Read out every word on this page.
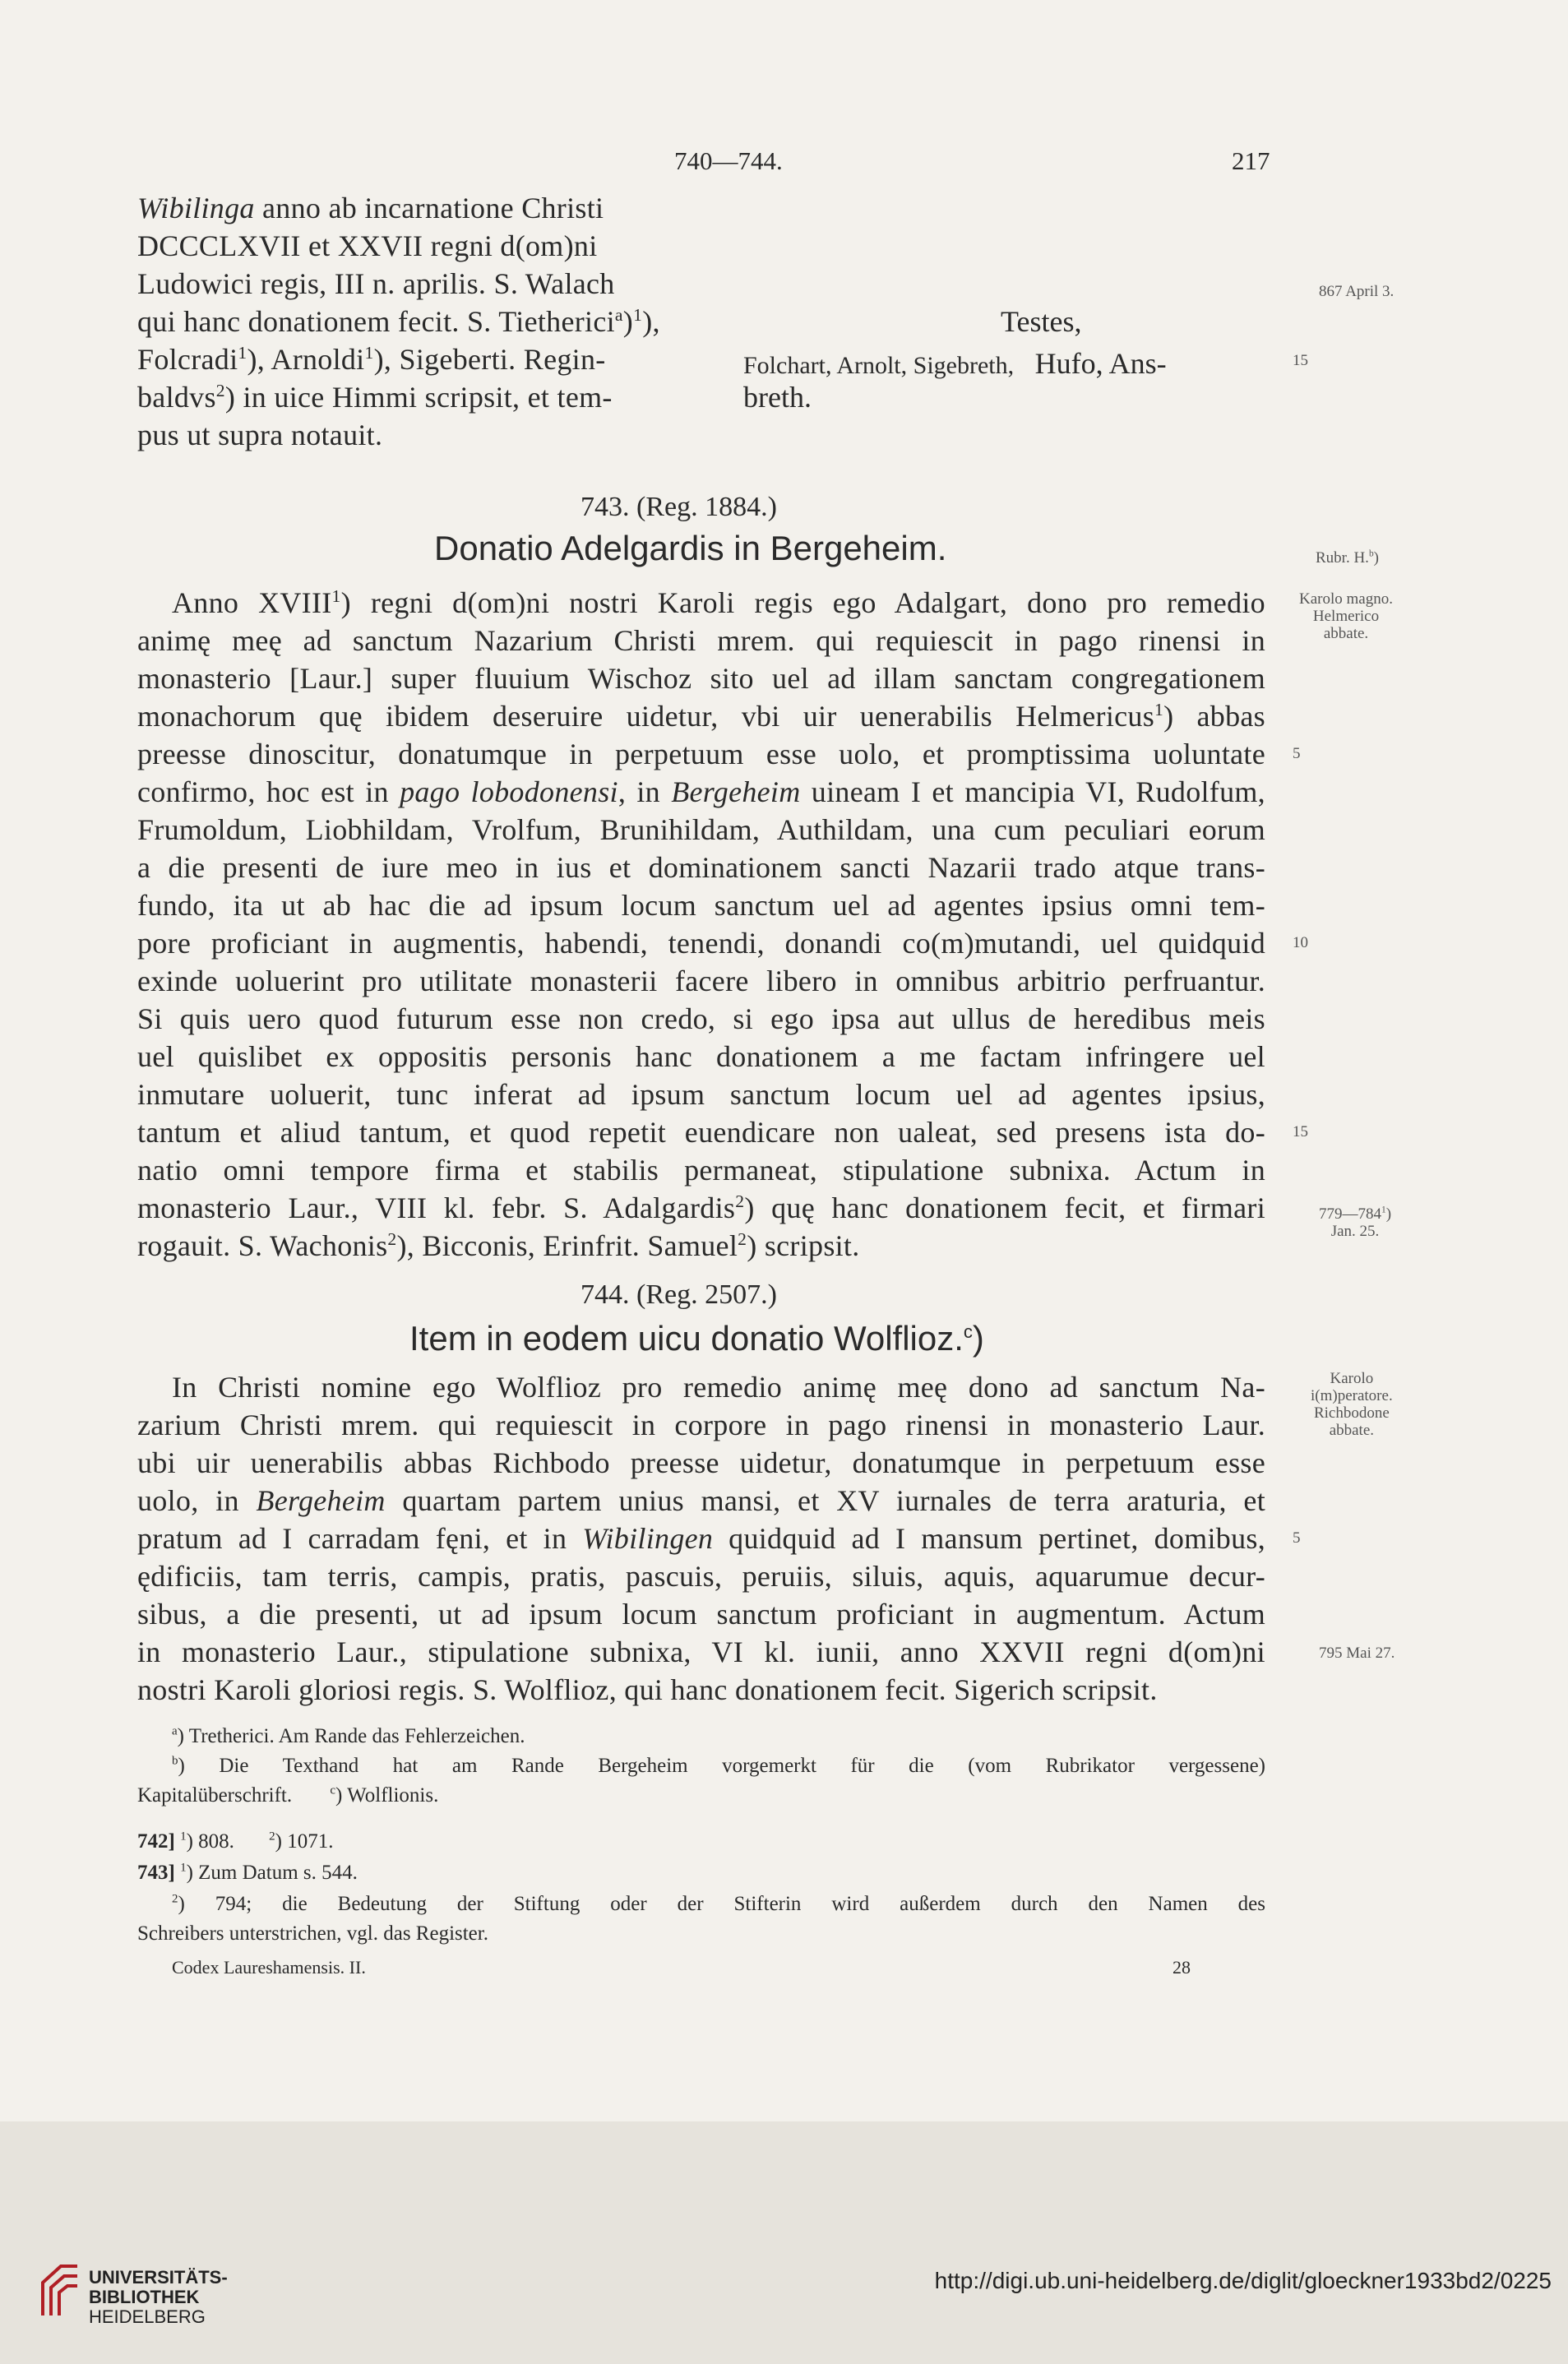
740—744.	217
Wibilinga anno ab incarnatione Christi
DCCCLXVII et XXVII regni d(om)ni
Ludowici regis, III n. aprilis. S. Walach
qui hanc donationem fecit. S. Tietherici$^a$)$^1$),	Testes,
Folcradi$^1$), Arnoldi$^1$), Sigeberti. Regin-	Folchart, Arnolt, Sigebreth, Hufo, Ans-	15
baldvs$^2$) in uice Himmi scripsit, et tem-	breth.
pus ut supra notauit.
867 April 3.
743. (Reg. 1884.)
Donatio Adelgardis in Bergeheim.	Rubr. H.$^b$)
Karolo magno.
Helmerico
abbate.
Anno XVIII$^1$) regni d(om)ni nostri Karoli regis ego Adalgart, dono pro remedio
animę meę ad sanctum Nazarium Christi mrem. qui requiescit in pago rinensi in
monasterio [Laur.] super fluuium Wischoz sito uel ad illam sanctam congregationem
monachorum quę ibidem deseruire uidetur, vbi uir uenerabilis Helmericus$^1$) abbas
preesse dinoscitur, donatumque in perpetuum esse uolo, et promptissima uoluntate 5
confirmo, hoc est in pago lobodonensi, in Bergeheim uineam I et mancipia VI, Rudolfum,
Frumoldum, Liobhildam, Vrolfum, Brunihildam, Authildam, una cum peculiari eorum
a die presenti de iure meo in ius et dominationem sancti Nazarii trado atque trans-
fundo, ita ut ab hac die ad ipsum locum sanctum uel ad agentes ipsius omni tem-
pore proficiant in augmentis, habendi, tenendi, donandi co(m)mutandi, uel quidquid 10
exinde uoluerint pro utilitate monasterii facere libero in omnibus arbitrio perfruantur.
Si quis uero quod futurum esse non credo, si ego ipsa aut ullus de heredibus meis
uel quislibet ex oppositis personis hanc donationem a me factam infringere uel
inmutare uoluerit, tunc inferat ad ipsum sanctum locum uel ad agentes ipsius,
tantum et aliud tantum, et quod repetit euendicare non ualeat, sed presens ista do- 15
natio omni tempore firma et stabilis permaneat, stipulatione subnixa. Actum in
monasterio Laur., VIII kl. febr. S. Adalgardis$^2$) quę hanc donationem fecit, et firmari
rogauit. S. Wachonis$^2$), Bicconis, Erinfrit. Samuel$^2$) scripsit.
$779—784^1$)
Jan. 25.
744. (Reg. 2507.)
Item in eodem uicu donatio Wolflioz.$^c$)
Karolo
i(m)peratore.
Richbodone
abbate.
In Christi nomine ego Wolflioz pro remedio animę meę dono ad sanctum Na-
zarium Christi mrem. qui requiescit in corpore in pago rinensi in monasterio Laur.
ubi uir uenerabilis abbas Richbodo preesse uidetur, donatumque in perpetuum esse
uolo, in Bergeheim quartam partem unius mansi, et XV iurnales de terra araturia, et
pratum ad I carradam fęni, et in Wibilingen quidquid ad I mansum pertinet, domibus, 5
ędificiis, tam terris, campis, pratis, pascuis, peruiis, siluis, aquis, aquarumue decur-
sibus, a die presenti, ut ad ipsum locum sanctum proficiant in augmentum. Actum
in monasterio Laur., stipulatione subnixa, VI kl. iunii, anno XXVII regni d(om)ni
nostri Karoli gloriosi regis. S. Wolflioz, qui hanc donationem fecit. Sigerich scripsit.
795 Mai 27.
$^a$) Tretherici. Am Rande das Fehlerzeichen.
$^b$) Die Texthand hat am Rande Bergeheim vorgemerkt für die (vom Rubrikator vergessene)
Kapitalüberschrift.	$^c$) Wolflionis.
742] $^1$) 808.	$^2$) 1071.
743] $^1$) Zum Datum s. 544.
$^2$) 794; die Bedeutung der Stiftung oder der Stifterin wird außerdem durch den Namen des
Schreibers unterstrichen, vgl. das Register.
Codex Laureshamensis. II.	28
UNIVERSITÄTS-
BIBLIOTHEK
HEIDELBERG
http://digi.ub.uni-heidelberg.de/diglit/gloeckner1933bd2/0225
